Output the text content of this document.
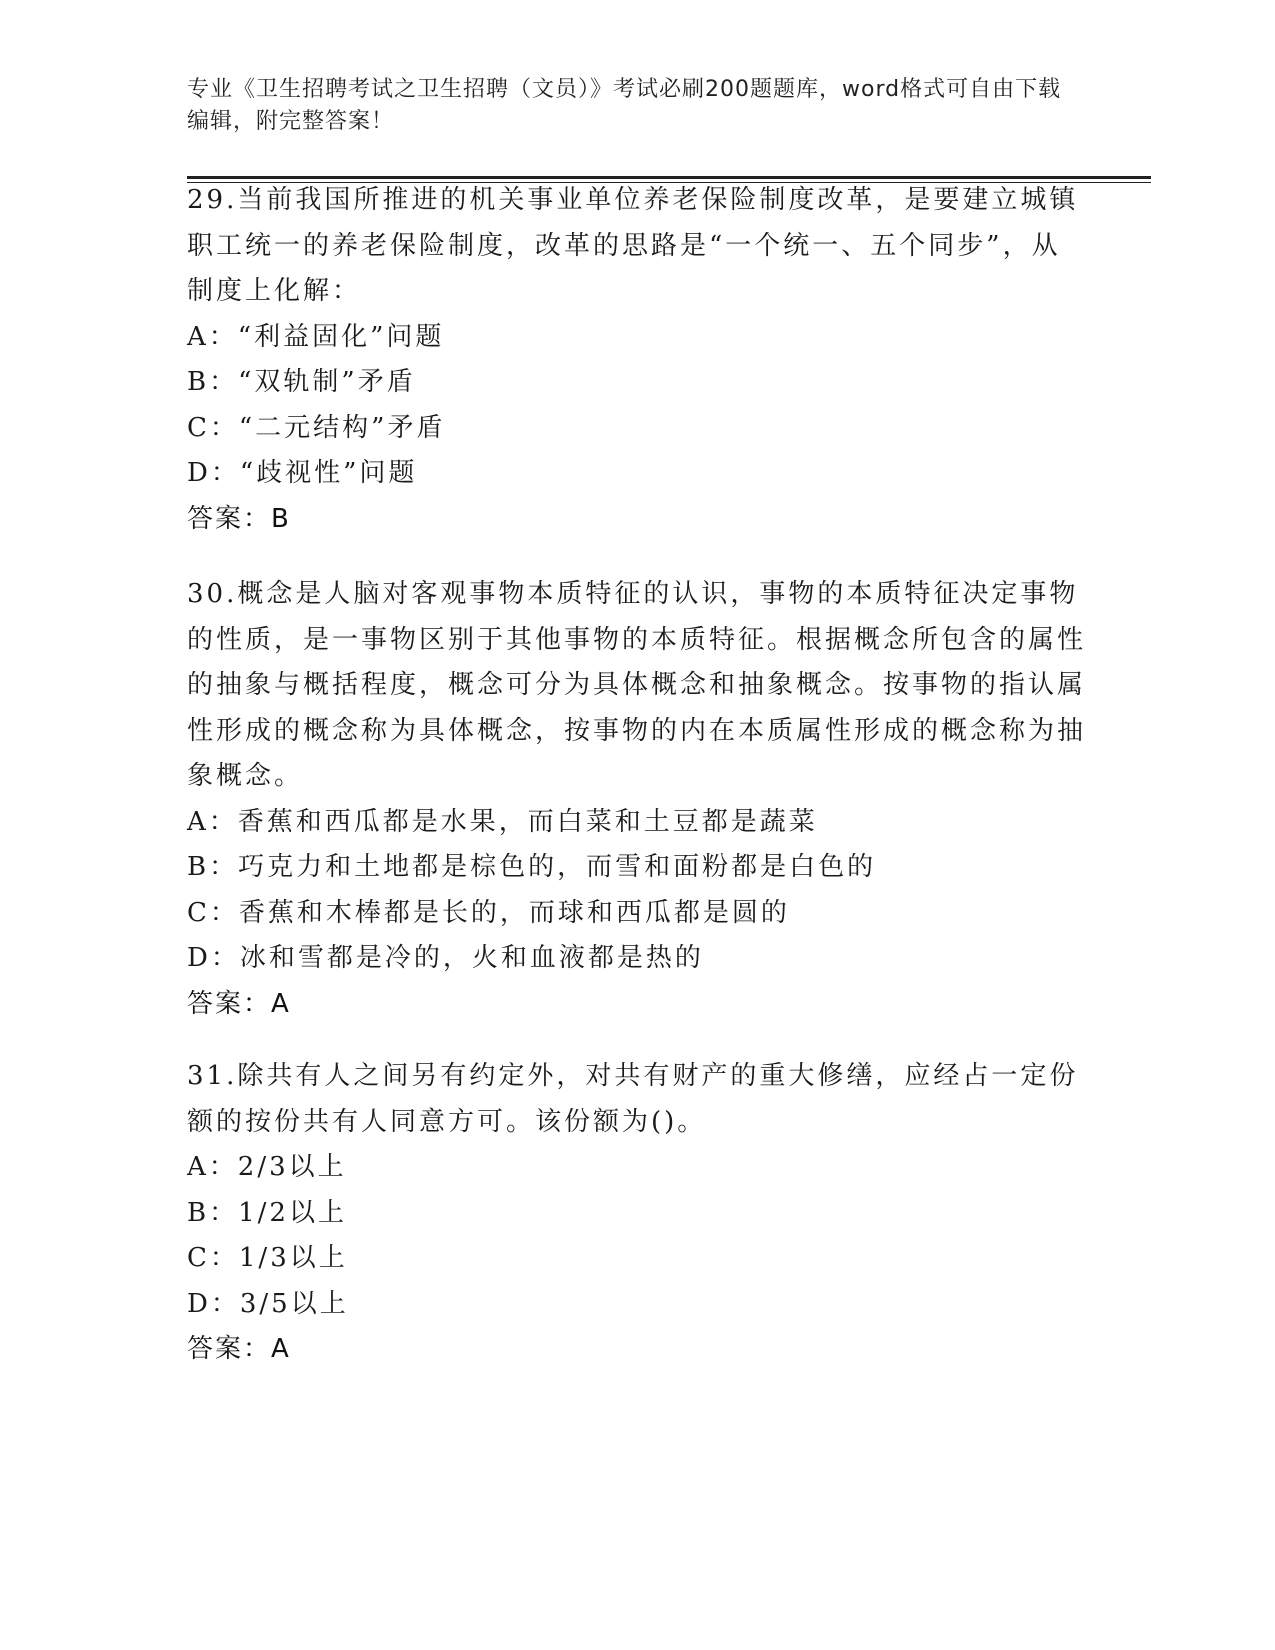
专业《卫生招聘考试之卫生招聘（文员）》考试必刷200题题库，word格式可自由下载编辑，附完整答案！

29.当前我国所推进的机关事业单位养老保险制度改革，是要建立城镇职工统一的养老保险制度，改革的思路是“一个统一、五个同步”，从制度上化解：

A：“利益固化”问题

B：“双轨制”矛盾

C：“二元结构”矛盾

D：“歧视性”问题

答案：B

30.概念是人脑对客观事物本质特征的认识，事物的本质特征决定事物的性质，是一事物区别于其他事物的本质特征。根据概念所包含的属性的抽象与概括程度，概念可分为具体概念和抽象概念。按事物的指认属性形成的概念称为具体概念，按事物的内在本质属性形成的概念称为抽象概念。

A：香蕉和西瓜都是水果，而白菜和土豆都是蔬菜

B：巧克力和土地都是棕色的，而雪和面粉都是白色的

C：香蕉和木棒都是长的，而球和西瓜都是圆的

D：冰和雪都是冷的，火和血液都是热的

答案：A

31.除共有人之间另有约定外，对共有财产的重大修缮，应经占一定份额的按份共有人同意方可。该份额为()。

A：2/3以上

B：1/2以上

C：1/3以上

D：3/5以上

答案：A
